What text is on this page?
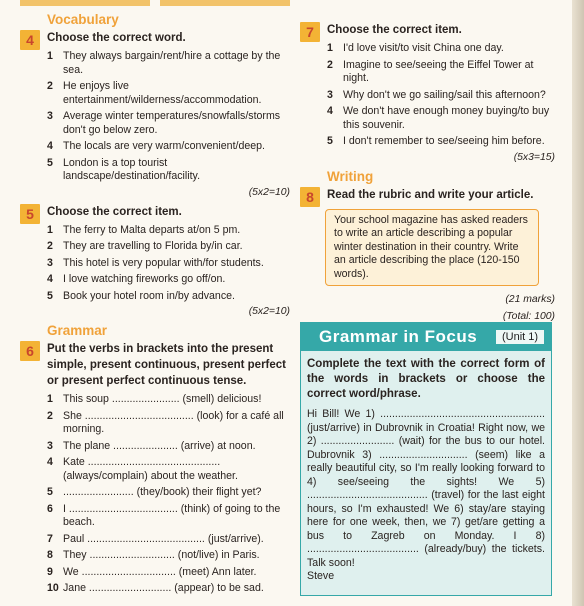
Vocabulary
4	Choose the correct word.
1 They always bargain/rent/hire a cottage by the sea.
2 He enjoys live entertainment/wilderness/accommodation.
3 Average winter temperatures/snowfalls/storms don't go below zero.
4 The locals are very warm/convenient/deep.
5 London is a top tourist landscape/destination/facility.
(5x2=10)
5	Choose the correct item.
1 The ferry to Malta departs at/on 5 pm.
2 They are travelling to Florida by/in car.
3 This hotel is very popular with/for students.
4 I love watching fireworks go off/on.
5 Book your hotel room in/by advance.
(5x2=10)
Grammar
6	Put the verbs in brackets into the present simple, present continuous, present perfect or present perfect continuous tense.
1 This soup ....................... (smell) delicious!
2 She ..................................... (look) for a café all morning.
3 The plane ...................... (arrive) at noon.
4 Kate ............................................. (always/complain) about the weather.
5 ........................ (they/book) their flight yet?
6 I ..................................... (think) of going to the beach.
7 Paul ........................................ (just/arrive).
8 They ............................. (not/live) in Paris.
9 We ................................ (meet) Ann later.
10 Jane ............................ (appear) to be sad.
7	Choose the correct item.
1 I'd love visit/to visit China one day.
2 Imagine to see/seeing the Eiffel Tower at night.
3 Why don't we go sailing/sail this afternoon?
4 We don't have enough money buying/to buy this souvenir.
5 I don't remember to see/seeing him before.
(5x3=15)
Writing
8	Read the rubric and write your article.
Your school magazine has asked readers to write an article describing a popular winter destination in their country. Write an article describing the place (120-150 words).
(21 marks)
(Total: 100)
Grammar in Focus	(Unit 1)
Complete the text with the correct form of the words in brackets or choose the correct word/phrase.
Hi Bill! We 1) ........................................................ (just/arrive) in Dubrovnik in Croatia! Right now, we 2) ......................... (wait) for the bus to our hotel. Dubrovnik 3) .............................. (seem) like a really beautiful city, so I'm really looking forward to 4) see/seeing the sights! We 5) ......................................... (travel) for the last eight hours, so I'm exhausted! We 6) stay/are staying here for one week, then, we 7) get/are getting a bus to Zagreb on Monday. I 8) ...................................... (already/buy) the tickets. Talk soon!
Steve
